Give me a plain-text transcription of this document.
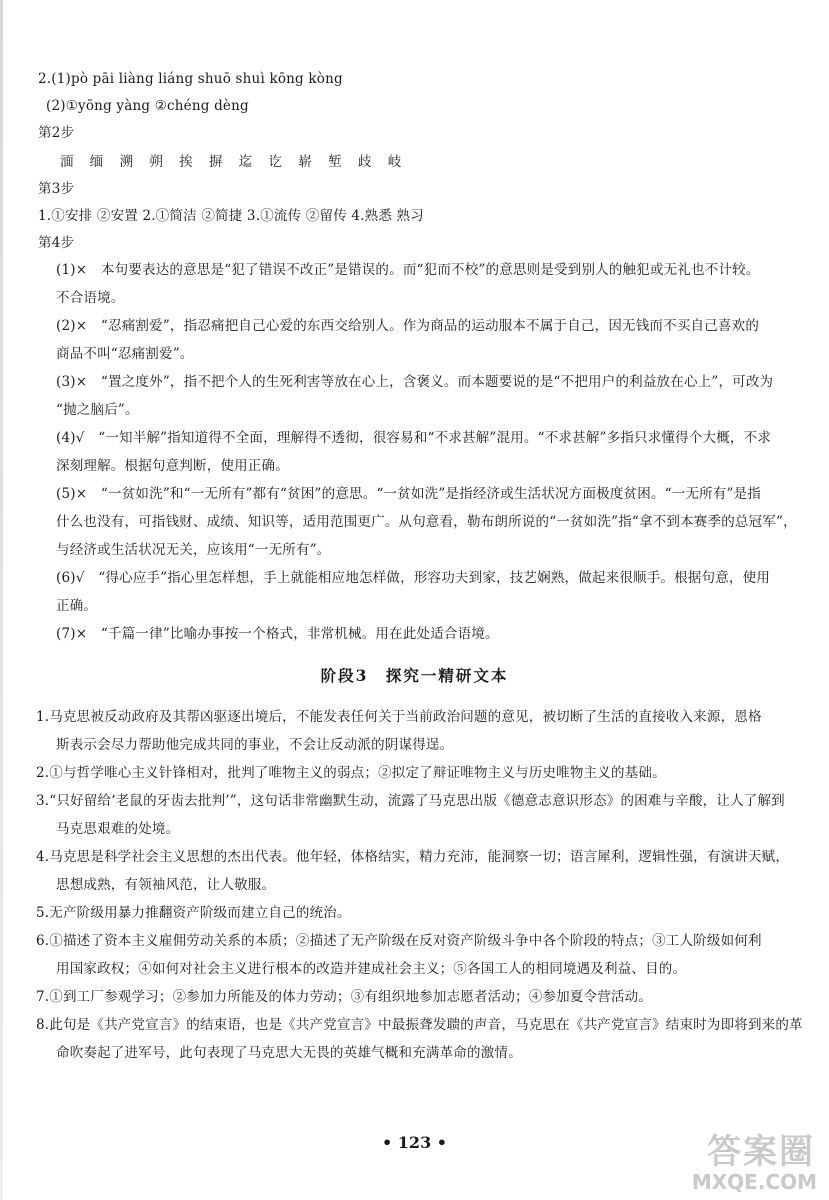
2.(1)pò pāi liàng liáng shuō shuì kōng kòng
(2)①yōng yàng ②chéng dèng
第2步
湎 缅 溯 朔 挨 摒 迄 讫 崭 堑 歧 岐
第3步
1.①安排 ②安置 2.①简洁 ②简捷 3.①流传 ②留传 4.熟悉 熟习
第4步
(1)×　本句要表达的意思是“犯了错误不改正”是错误的。而“犯而不校”的意思则是受到别人的触犯或无礼也不计较。
不合语境。
(2)×　“忍痛割爱”，指忍痛把自己心爱的东西交给别人。作为商品的运动服本不属于自己，因无钱而不买自己喜欢的
商品不叫“忍痛割爱”。
(3)×　“置之度外”，指不把个人的生死利害等放在心上，含褒义。而本题要说的是“不把用户的利益放在心上”，可改为
“抛之脑后”。
(4)√　“一知半解”指知道得不全面，理解得不透彻，很容易和“不求甚解”混用。“不求甚解”多指只求懂得个大概，不求
深刻理解。根据句意判断，使用正确。
(5)×　“一贫如洗”和“一无所有”都有“贫困”的意思。“一贫如洗”是指经济或生活状况方面极度贫困。“一无所有”是指
什么也没有，可指钱财、成绩、知识等，适用范围更广。从句意看，勒布朗所说的“一贫如洗”指“拿不到本赛季的总冠军”，
与经济或生活状况无关，应该用“一无所有”。
(6)√　“得心应手”指心里怎样想，手上就能相应地怎样做，形容功夫到家，技艺娴熟，做起来很顺手。根据句意，使用
正确。
(7)×　“千篇一律”比喻办事按一个格式，非常机械。用在此处适合语境。
阶段3　探究一精研文本
1.马克思被反动政府及其帮凶驱逐出境后，不能发表任何关于当前政治问题的意见，被切断了生活的直接收入来源，恩格
斯表示会尽力帮助他完成共同的事业，不会让反动派的阴谋得逞。
2.①与哲学唯心主义针锋相对，批判了唯物主义的弱点；②拟定了辩证唯物主义与历史唯物主义的基础。
3.“只好留给‘老鼠的牙齿去批判’”，这句话非常幽默生动，流露了马克思出版《德意志意识形态》的困难与辛酸，让人了解到
马克思艰难的处境。
4.马克思是科学社会主义思想的杰出代表。他年轻，体格结实，精力充沛，能洞察一切；语言犀利，逻辑性强，有演讲天赋，
思想成熟，有领袖风范，让人敬服。
5.无产阶级用暴力推翻资产阶级而建立自己的统治。
6.①描述了资本主义雇佣劳动关系的本质；②描述了无产阶级在反对资产阶级斗争中各个阶段的特点；③工人阶级如何利
用国家政权；④如何对社会主义进行根本的改造并建成社会主义；⑤各国工人的相同境遇及利益、目的。
7.①到工厂参观学习；②参加力所能及的体力劳动；③有组织地参加志愿者活动；④参加夏令营活动。
8.此句是《共产党宣言》的结束语，也是《共产党宣言》中最振聋发聩的声音，马克思在《共产党宣言》结束时为即将到来的革
命吹奏起了进军号，此句表现了马克思大无畏的英雄气概和充满革命的激情。
• 123 •	答案圈
MXQE.COM
